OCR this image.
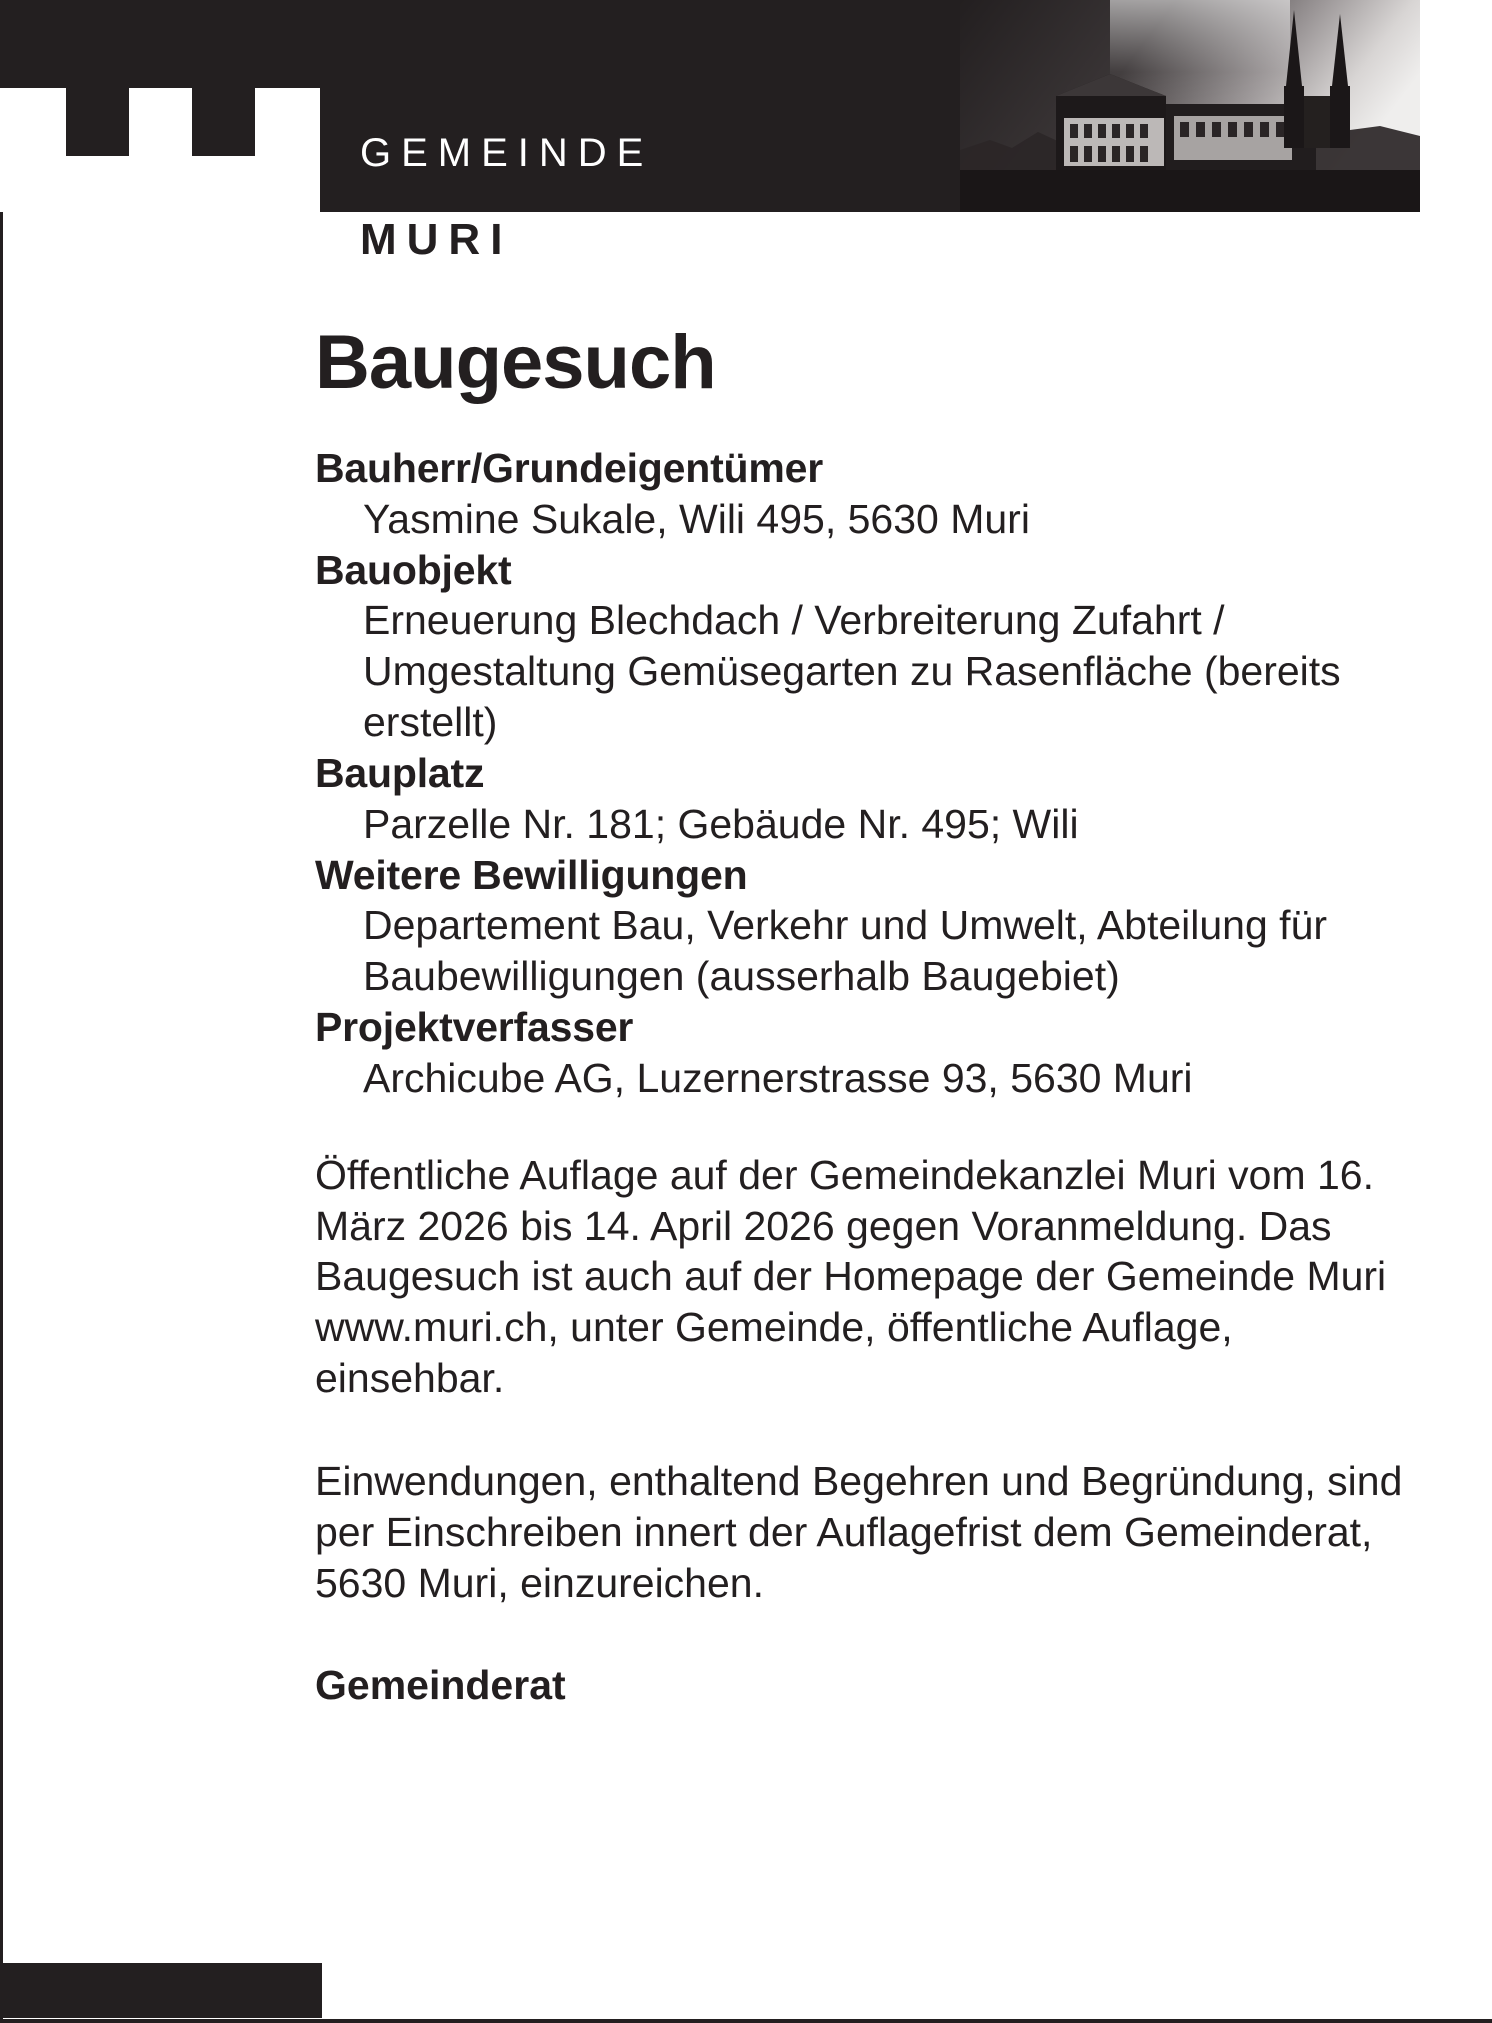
GEMEINDE
MURI
Baugesuch
Bauherr/Grundeigentümer
Yasmine Sukale, Wili 495, 5630 Muri
Bauobjekt
Erneuerung Blechdach / Verbreiterung Zufahrt / Umgestaltung Gemüsegarten zu Rasenfläche (bereits erstellt)
Bauplatz
Parzelle Nr. 181; Gebäude Nr. 495; Wili
Weitere Bewilligungen
Departement Bau, Verkehr und Umwelt, Abteilung für Baubewilligungen (ausserhalb Baugebiet)
Projektverfasser
Archicube AG, Luzernerstrasse 93, 5630 Muri

Öffentliche Auflage auf der Gemeindekanzlei Muri vom 16. März 2026 bis 14. April 2026 gegen Voranmeldung. Das Baugesuch ist auch auf der Homepage der Gemeinde Muri www.muri.ch, unter Gemeinde, öffentliche Auflage, einsehbar.

Einwendungen, enthaltend Begehren und Begründung, sind per Einschreiben innert der Auflagefrist dem Gemeinderat, 5630 Muri, einzureichen.

Gemeinderat
